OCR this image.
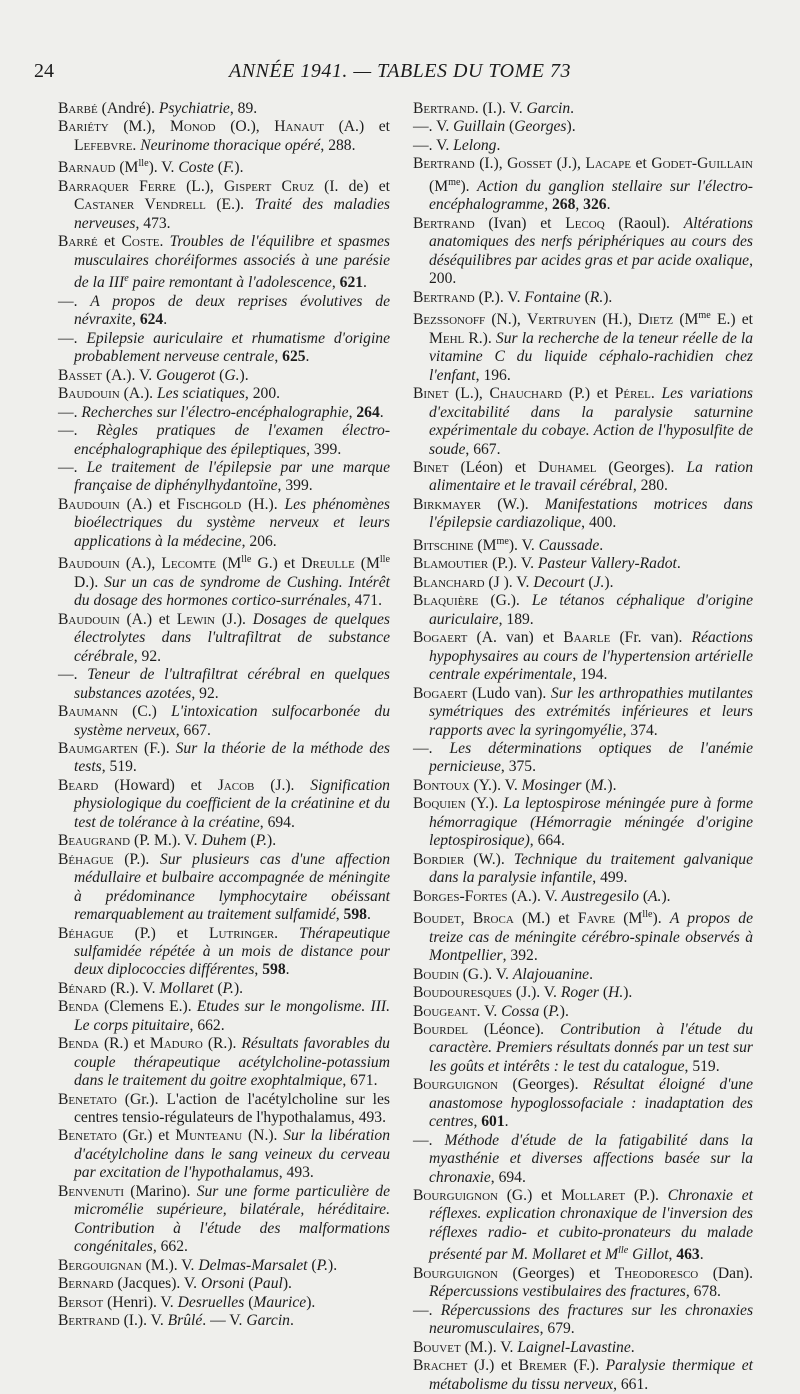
24	ANNÉE 1941. — TABLES DU TOME 73
Barbé (André). Psychiatrie, 89.
Bariéty (M.), Monod (O.), Hanaut (A.) et Lefebvre. Neurinome thoracique opéré, 288.
Barnaud $(M^{lle})$. V. Coste (F.).
Barraquer Ferre (L.), Gispert Cruz (I. de) et Castaner Vendrell (E.). Traité des maladies nerveuses, 473.
Barré et Coste. Troubles de l'équilibre et spasmes musculaires choréiformes associés à une parésie de la IIIe paire remontant à l'adolescence, 621.
—. A propos de deux reprises évolutives de névraxite, 624.
—. Epilepsie auriculaire et rhumatisme d'origine probablement nerveuse centrale, 625.
Basset (A.). V. Gougerot (G.).
Baudouin (A.). Les sciatiques, 200.
—. Recherches sur l'électro-encéphalographie, 264.
—. Règles pratiques de l'examen électro-encéphalographique des épileptiques, 399.
—. Le traitement de l'épilepsie par une marque française de diphénylhydantoïne, 399.
Baudouin (A.) et Fischgold (H.). Les phénomènes bioélectriques du système nerveux et leurs applications à la médecine, 206.
Baudouin (A.), Lecomte ($M^{lle}$ G.) et Dreulle ($M^{lle}$ D.). Sur un cas de syndrome de Cushing. Intérêt du dosage des hormones cortico-surrénales, 471.
Baudouin (A.) et Lewin (J.). Dosages de quelques électrolytes dans l'ultrafiltrat de substance cérébrale, 92.
—. Teneur de l'ultrafiltrat cérébral en quelques substances azotées, 92.
Baumann (C.) L'intoxication sulfocarbonée du système nerveux, 667.
Baumgarten (F.). Sur la théorie de la méthode des tests, 519.
Beard (Howard) et Jacob (J.). Signification physiologique du coefficient de la créatinine et du test de tolérance à la créatine, 694.
Beaugrand (P. M.). V. Duhem (P.).
Béhague (P.). Sur plusieurs cas d'une affection médullaire et bulbaire accompagnée de méningite à prédominance lymphocytaire obéissant remarquablement au traitement sulfamidé, 598.
Béhague (P.) et Lutringer. Thérapeutique sulfamidée répétée à un mois de distance pour deux diplococcies différentes, 598.
Bénard (R.). V. Mollaret (P.).
Benda (Clemens E.). Etudes sur le mongolisme. III. Le corps pituitaire, 662.
Benda (R.) et Maduro (R.). Résultats favorables du couple thérapeutique acétylcholine-potassium dans le traitement du goitre exophtalmique, 671.
Benetato (Gr.). L'action de l'acétylcholine sur les centres tensio-régulateurs de l'hypothalamus, 493.
Benetato (Gr.) et Munteanu (N.). Sur la libération d'acétylcholine dans le sang veineux du cerveau par excitation de l'hypothalamus, 493.
Benvenuti (Marino). Sur une forme particulière de micromélie supérieure, bilatérale, héréditaire. Contribution à l'étude des malformations congénitales, 662.
Bergouignan (M.). V. Delmas-Marsalet (P.).
Bernard (Jacques). V. Orsoni (Paul).
Bersot (Henri). V. Desruelles (Maurice).
Bertrand (I.). V. Brûlé. — V. Garcin.
Bertrand. (I.). V. Garcin.
—. V. Guillain (Georges).
—. V. Lelong.
Bertrand (I.), Gosset (J.), Lacape et Godet-Guillain $(M^{me})$. Action du ganglion stellaire sur l'électro-encéphalogramme, 268, 326.
Bertrand (Ivan) et Lecoq (Raoul). Altérations anatomiques des nerfs périphériques au cours des déséquilibres par acides gras et par acide oxalique, 200.
Bertrand (P.). V. Fontaine (R.).
Bezssonoff (N.), Vertruyen (H.), Dietz ($M^{me}$ E.) et Mehl R.). Sur la recherche de la teneur réelle de la vitamine C du liquide céphalo-rachidien chez l'enfant, 196.
Binet (L.), Chauchard (P.) et Pérel. Les variations d'excitabilité dans la paralysie saturnine expérimentale du cobaye. Action de l'hyposulfite de soude, 667.
Binet (Léon) et Duhamel (Georges). La ration alimentaire et le travail cérébral, 280.
Birkmayer (W.). Manifestations motrices dans l'épilepsie cardiazolique, 400.
Bitschine $(M^{me})$. V. Caussade.
Blamoutier (P.). V. Pasteur Vallery-Radot.
Blanchard (J ). V. Decourt (J.).
Blaquière (G.). Le tétanos céphalique d'origine auriculaire, 189.
Bogaert (A. van) et Baarle (Fr. van). Réactions hypophysaires au cours de l'hypertension artérielle centrale expérimentale, 194.
Bogaert (Ludo van). Sur les arthropathies mutilantes symétriques des extrémités inférieures et leurs rapports avec la syringomyélie, 374.
—. Les déterminations optiques de l'anémie pernicieuse, 375.
Bontoux (Y.). V. Mosinger (M.).
Boquien (Y.). La leptospirose méningée pure à forme hémorragique (Hémorragie méningée d'origine leptospirosique), 664.
Bordier (W.). Technique du traitement galvanique dans la paralysie infantile, 499.
Borges-Fortes (A.). V. Austregesilo (A.).
Boudet, Broca (M.) et Favre $(M^{lle})$. A propos de treize cas de méningite cérébro-spinale observés à Montpellier, 392.
Boudin (G.). V. Alajouanine.
Boudouresques (J.). V. Roger (H.).
Bougeant. V. Cossa (P.).
Bourdel (Léonce). Contribution à l'étude du caractère. Premiers résultats donnés par un test sur les goûts et intérêts : le test du catalogue, 519.
Bourguignon (Georges). Résultat éloigné d'une anastomose hypoglossofaciale : inadaptation des centres, 601.
—. Méthode d'étude de la fatigabilité dans la myasthénie et diverses affections basée sur la chronaxie, 694.
Bourguignon (G.) et Mollaret (P.). Chronaxie et réflexes. explication chronaxique de l'inversion des réflexes radio- et cubito-pronateurs du malade présenté par M. Mollaret et $M^{lle}$ Gillot, 463.
Bourguignon (Georges) et Theodoresco (Dan). Répercussions vestibulaires des fractures, 678.
—. Répercussions des fractures sur les chronaxies neuromusculaires, 679.
Bouvet (M.). V. Laignel-Lavastine.
Brachet (J.) et Bremer (F.). Paralysie thermique et métabolisme du tissu nerveux, 661.
